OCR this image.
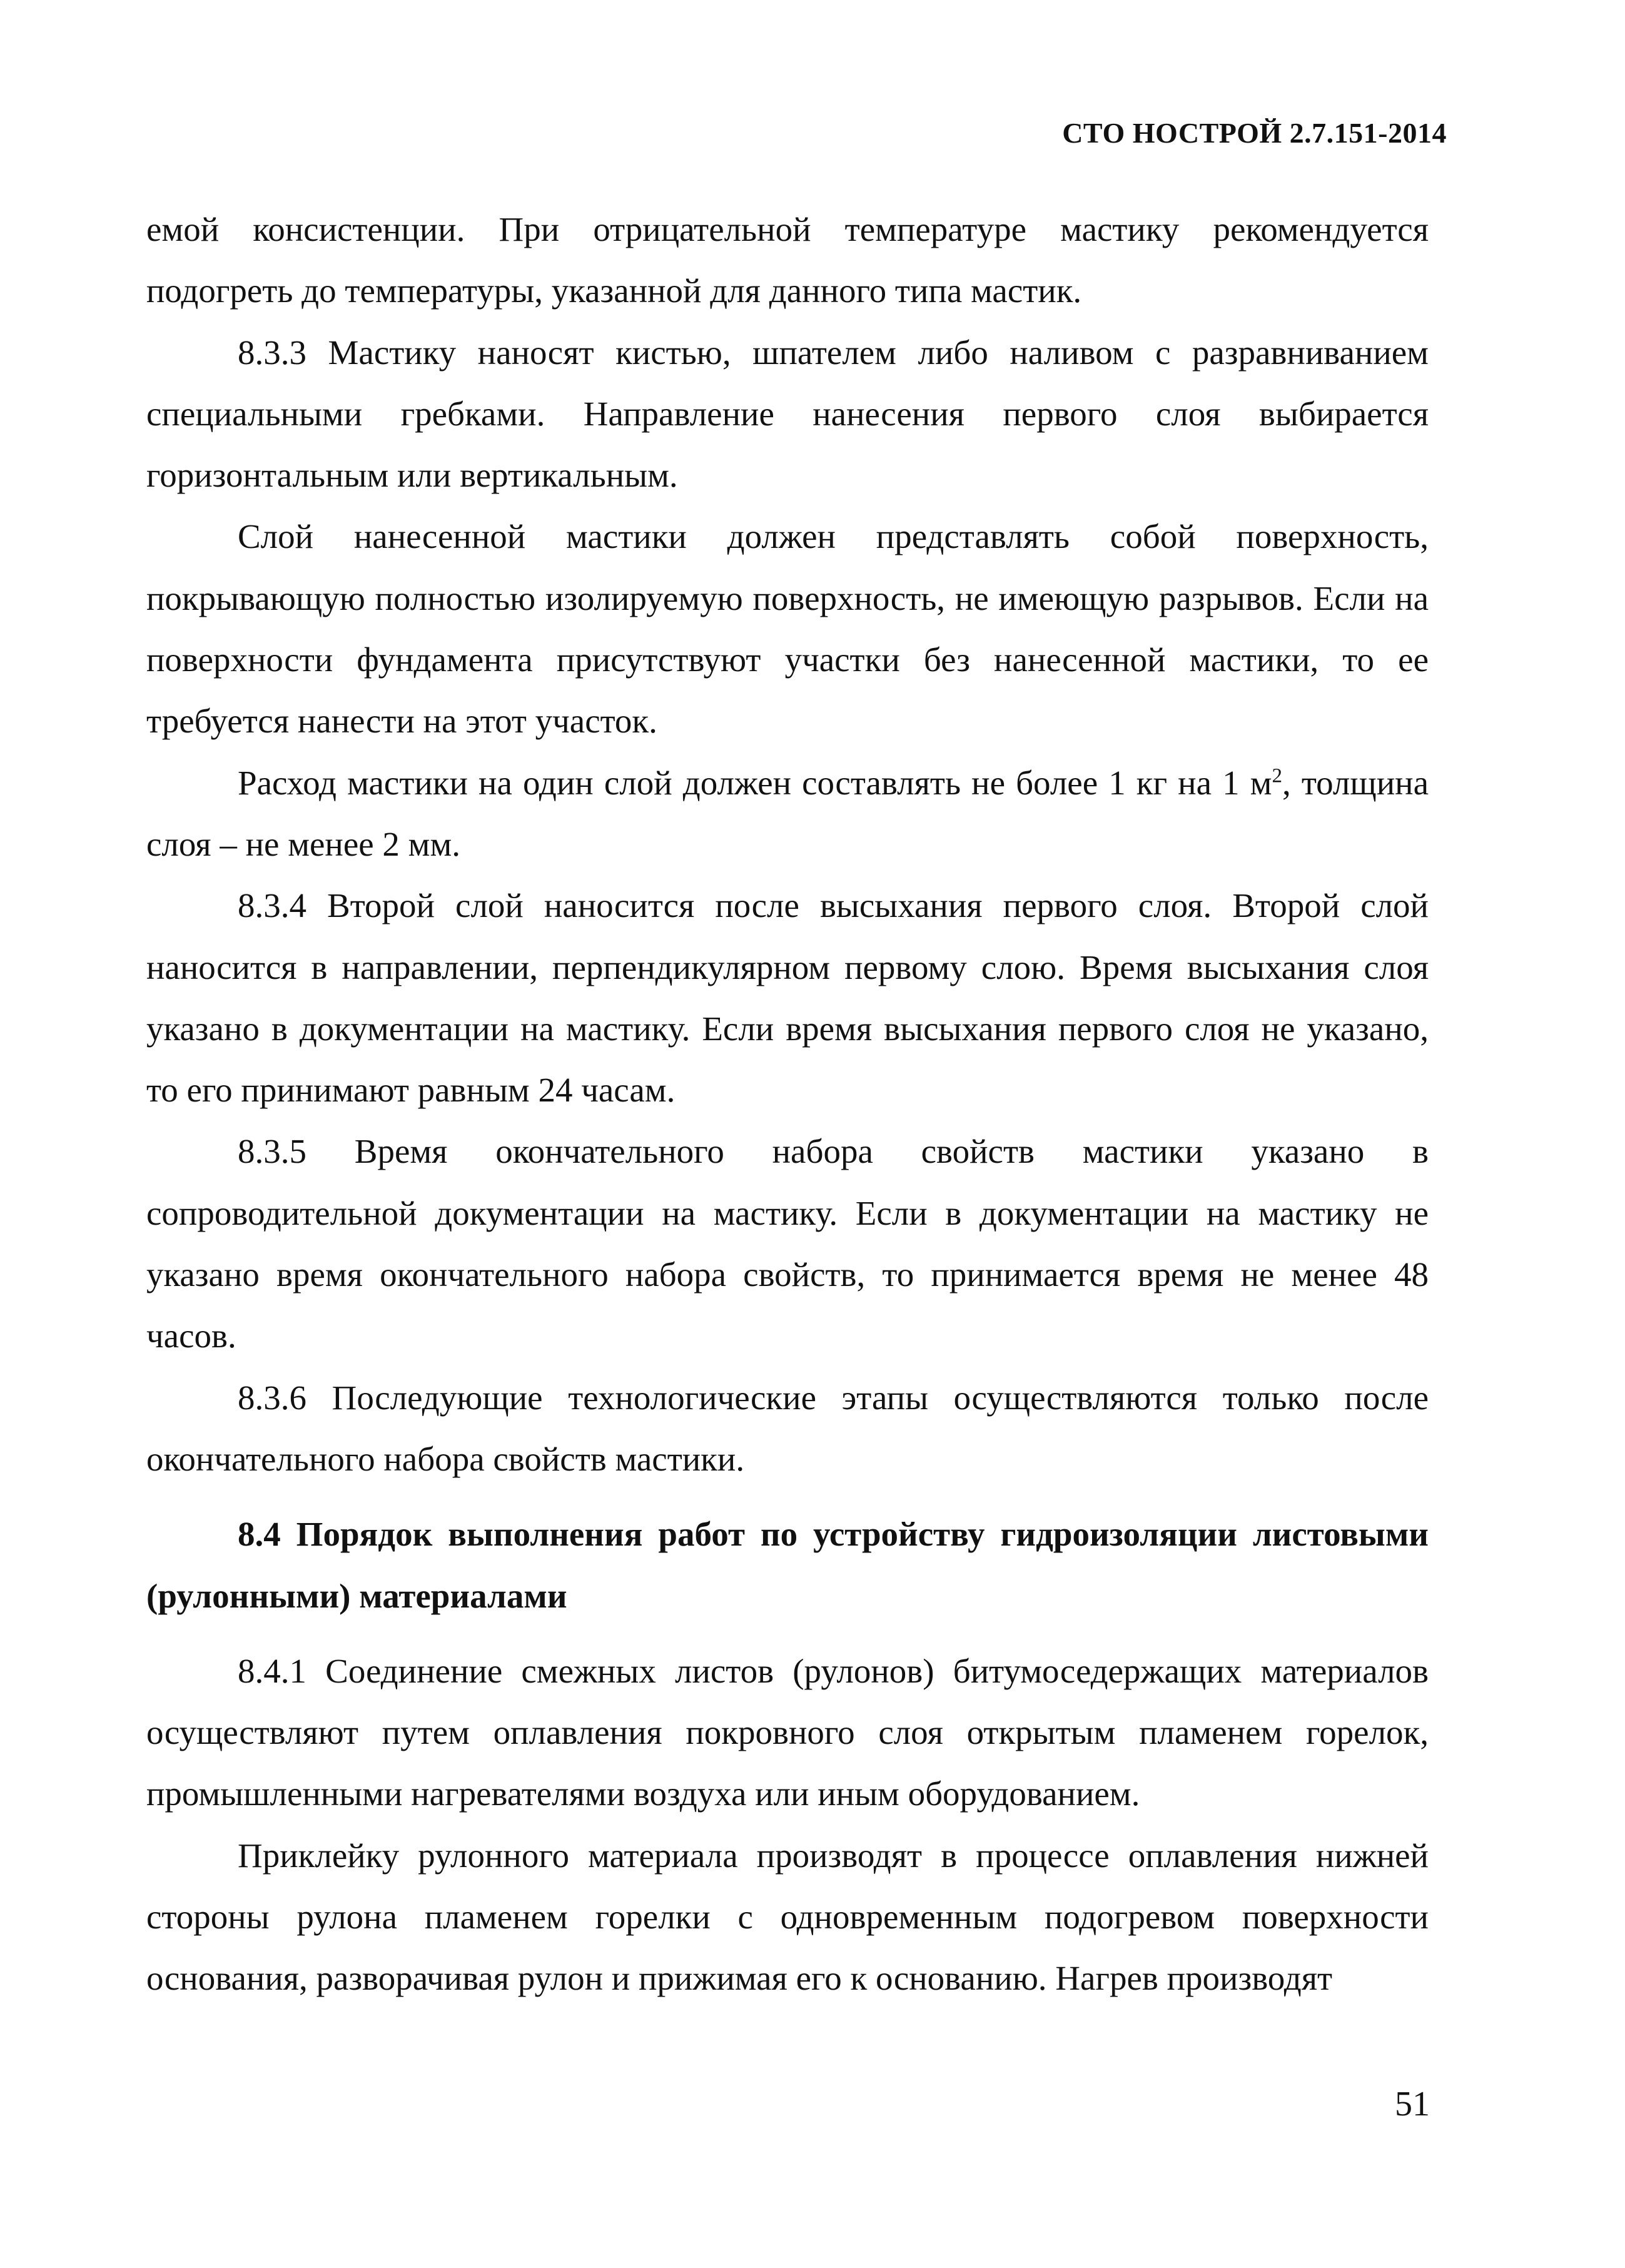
СТО НОСТРОЙ 2.7.151-2014

емой консистенции. При отрицательной температуре мастику рекомендуется подогреть до температуры, указанной для данного типа мастик.

8.3.3 Мастику наносят кистью, шпателем либо наливом с разравниванием специальными гребками. Направление нанесения первого слоя выбирается горизонтальным или вертикальным.

Слой нанесенной мастики должен представлять собой поверхность, покрывающую полностью изолируемую поверхность, не имеющую разрывов. Если на поверхности фундамента присутствуют участки без нанесенной мастики, то ее требуется нанести на этот участок.

Расход мастики на один слой должен составлять не более 1 кг на 1 $м^2$, толщина слоя – не менее 2 мм.

8.3.4 Второй слой наносится после высыхания первого слоя. Второй слой наносится в направлении, перпендикулярном первому слою. Время высыхания слоя указано в документации на мастику. Если время высыхания первого слоя не указано, то его принимают равным 24 часам.

8.3.5 Время окончательного набора свойств мастики указано в сопроводительной документации на мастику. Если в документации на мастику не указано время окончательного набора свойств, то принимается время не менее 48 часов.

8.3.6 Последующие технологические этапы осуществляются только после окончательного набора свойств мастики.

8.4 Порядок выполнения работ по устройству гидроизоляции листовыми (рулонными) материалами

8.4.1 Соединение смежных листов (рулонов) битумоседержащих материалов осуществляют путем оплавления покровного слоя открытым пламенем горелок, промышленными нагревателями воздуха или иным оборудованием.

Приклейку рулонного материала производят в процессе оплавления нижней стороны рулона пламенем горелки с одновременным подогревом поверхности основания, разворачивая рулон и прижимая его к основанию. Нагрев производят

51
